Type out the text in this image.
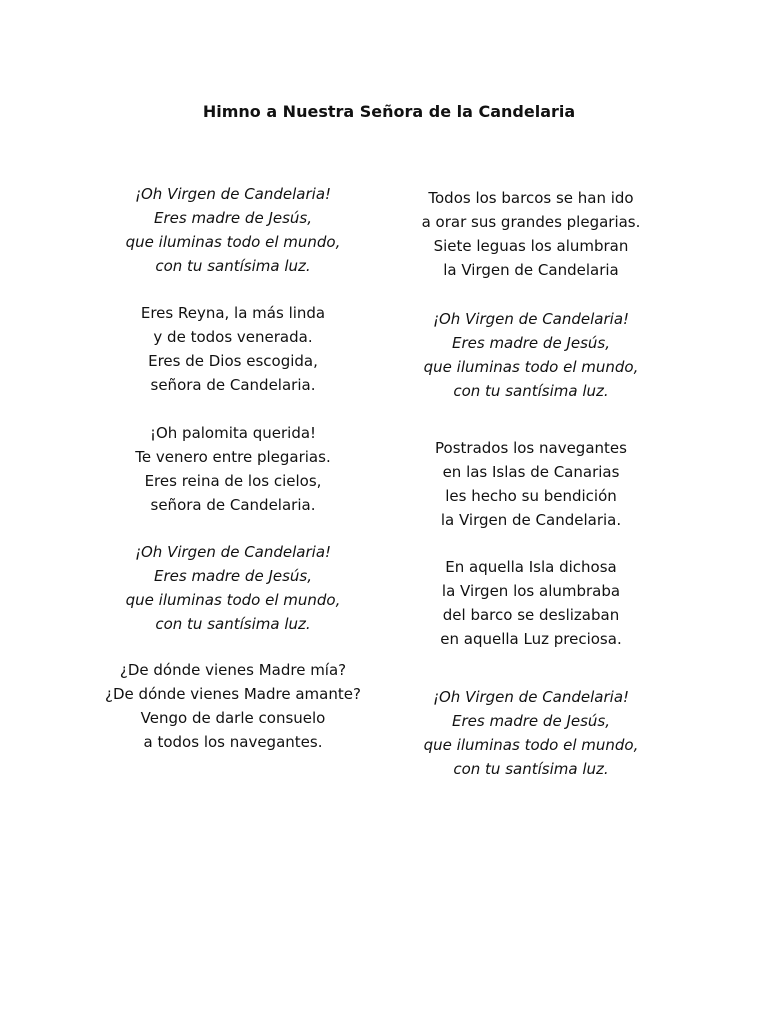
Himno a Nuestra Señora de la Candelaria
¡Oh Virgen de Candelaria!
Eres madre de Jesús,
que iluminas todo el mundo,
con tu santísima luz.
Eres Reyna, la más linda
y de todos venerada.
Eres de Dios escogida,
señora de Candelaria.
¡Oh palomita querida!
Te venero entre plegarias.
Eres reina de los cielos,
señora de Candelaria.
¡Oh Virgen de Candelaria!
Eres madre de Jesús,
que iluminas todo el mundo,
con tu santísima luz.
¿De dónde vienes Madre mía?
¿De dónde vienes Madre amante?
Vengo de darle consuelo
a todos los navegantes.
Todos los barcos se han ido
a orar sus grandes plegarias.
Siete leguas los alumbran
la Virgen de Candelaria
¡Oh Virgen de Candelaria!
Eres madre de Jesús,
que iluminas todo el mundo,
con tu santísima luz.
Postrados los navegantes
en las Islas de Canarias
les hecho su bendición
la Virgen de Candelaria.
En aquella Isla dichosa
la Virgen los alumbraba
del barco se deslizaban
en aquella Luz preciosa.
¡Oh Virgen de Candelaria!
Eres madre de Jesús,
que iluminas todo el mundo,
con tu santísima luz.
